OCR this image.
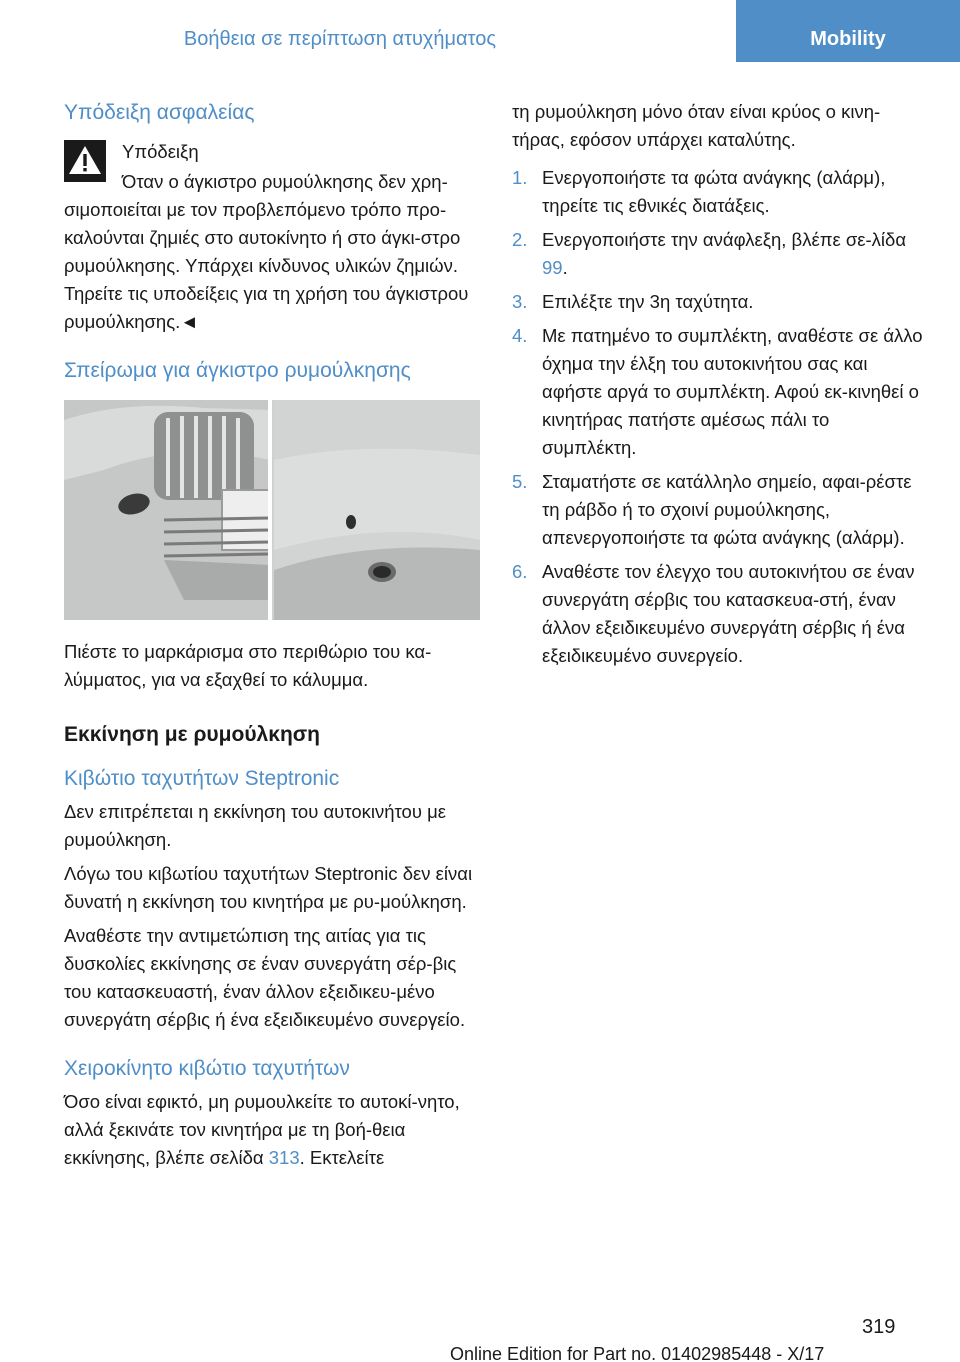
Βοήθεια σε περίπτωση ατυχήματος	Mobility
Υπόδειξη ασφαλείας
Υπόδειξη

Όταν ο άγκιστρο ρυμούλκησης δεν χρη-σιμοποιείται με τον προβλεπόμενο τρόπο προ-καλούνται ζημιές στο αυτοκίνητο ή στο άγκι-στρο ρυμούλκησης. Υπάρχει κίνδυνος υλικών ζημιών. Τηρείτε τις υποδείξεις για τη χρήση του άγκιστρου ρυμούλκησης.◄

Σπείρωμα για άγκιστρο ρυμούλκησης

Πιέστε το μαρκάρισμα στο περιθώριο του κα-λύμματος, για να εξαχθεί το κάλυμμα.

Εκκίνηση με ρυμούλκηση
Κιβώτιο ταχυτήτων Steptronic

Δεν επιτρέπεται η εκκίνηση του αυτοκινήτου με ρυμούλκηση.

Λόγω του κιβωτίου ταχυτήτων Steptronic δεν είναι δυνατή η εκκίνηση του κινητήρα με ρυ-μούλκηση.

Αναθέστε την αντιμετώπιση της αιτίας για τις δυσκολίες εκκίνησης σε έναν συνεργάτη σέρ-βις του κατασκευαστή, έναν άλλον εξειδικευ-μένο συνεργάτη σέρβις ή ένα εξειδικευμένο συνεργείο.

Χειροκίνητο κιβώτιο ταχυτήτων

Όσο είναι εφικτό, μη ρυμουλκείτε το αυτοκί-νητο, αλλά ξεκινάτε τον κινητήρα με τη βοή-θεια εκκίνησης, βλέπε σελίδα 313. Εκτελείτε

τη ρυμούλκηση μόνο όταν είναι κρύος ο κινη-τήρας, εφόσον υπάρχει καταλύτης.

1. Ενεργοποιήστε τα φώτα ανάγκης (αλάρμ), τηρείτε τις εθνικές διατάξεις.
2. Ενεργοποιήστε την ανάφλεξη, βλέπε σε-λίδα 99.
3. Επιλέξτε την 3η ταχύτητα.
4. Με πατημένο το συμπλέκτη, αναθέστε σε άλλο όχημα την έλξη του αυτοκινήτου σας και αφήστε αργά το συμπλέκτη. Αφού εκ-κινηθεί ο κινητήρας πατήστε αμέσως πάλι το συμπλέκτη.
5. Σταματήστε σε κατάλληλο σημείο, αφαι-ρέστε τη ράβδο ή το σχοινί ρυμούλκησης, απενεργοποιήστε τα φώτα ανάγκης (αλάρμ).
6. Αναθέστε τον έλεγχο του αυτοκινήτου σε έναν συνεργάτη σέρβις του κατασκευα-στή, έναν άλλον εξειδικευμένο συνεργάτη σέρβις ή ένα εξειδικευμένο συνεργείο.
319
Online Edition for Part no. 01402985448 - X/17
